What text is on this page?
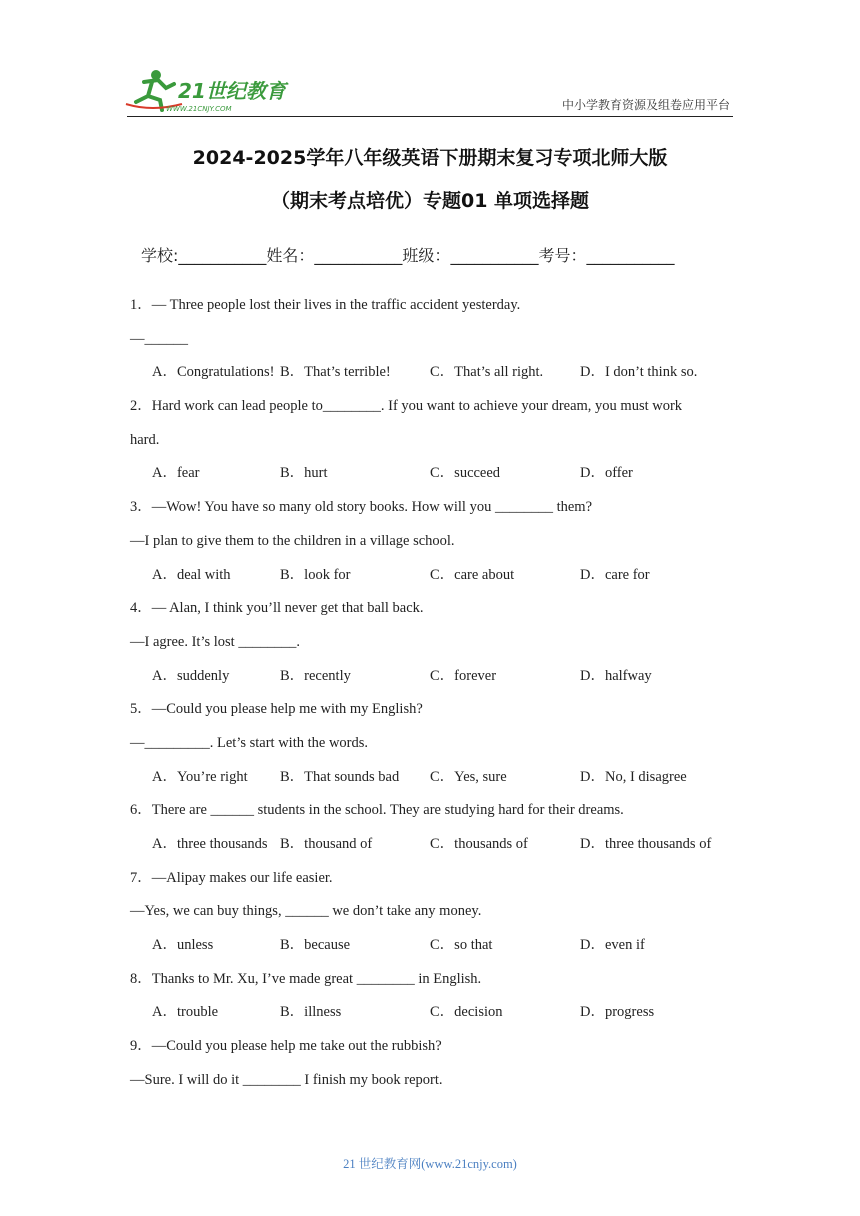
21世纪教育
WWW.21CNJY.COM	中小学教育资源及组卷应用平台
2024-2025学年八年级英语下册期末复习专项北师大版
（期末考点培优）专题01 单项选择题
学校:___________姓名：___________班级：___________考号：___________
1．— Three people lost their lives in the traffic accident yesterday.
—______
A．Congratulations! B．That’s terrible!	C．That’s all right.	D．I don’t think so.
2．Hard work can lead people to________. If you want to achieve your dream, you must work
hard.
A．fear	B．hurt	C．succeed	D．offer
3．—Wow! You have so many old story books. How will you ________ them?
—I plan to give them to the children in a village school.
A．deal with	B．look for	C．care about	D．care for
4．— Alan, I think you’ll never get that ball back.
—I agree. It’s lost ________.
A．suddenly	B．recently	C．forever	D．halfway
5．—Could you please help me with my English?
—_________. Let’s start with the words.
A．You’re right B．That sounds bad C．Yes, sure	D．No, I disagree
6．There are ______ students in the school. They are studying hard for their dreams.
A．three thousands B．thousand of	C．thousands of	D．three thousands of
7．—Alipay makes our life easier.
—Yes, we can buy things, ______ we don’t take any money.
A．unless	B．because	C．so that	D．even if
8．Thanks to Mr. Xu, I’ve made great ________ in English.
A．trouble	B．illness	C．decision	D．progress
9．—Could you please help me take out the rubbish?
—Sure. I will do it ________ I finish my book report.
21 世纪教育网(www.21cnjy.com)
